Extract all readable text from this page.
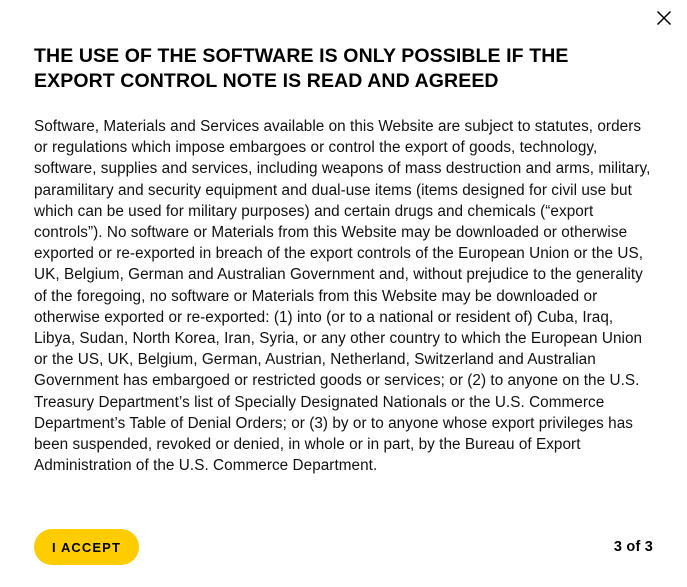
THE USE OF THE SOFTWARE IS ONLY POSSIBLE IF THE EXPORT CONTROL NOTE IS READ AND AGREED

Software, Materials and Services available on this Website are subject to statutes, orders or regulations which impose embargoes or control the export of goods, technology, software, supplies and services, including weapons of mass destruction and arms, military, paramilitary and security equipment and dual-use items (items designed for civil use but which can be used for military purposes) and certain drugs and chemicals (“export controls”). No software or Materials from this Website may be downloaded or otherwise exported or re-exported in breach of the export controls of the European Union or the US, UK, Belgium, German and Australian Government and, without prejudice to the generality of the foregoing, no software or Materials from this Website may be downloaded or otherwise exported or re-exported: (1) into (or to a national or resident of) Cuba, Iraq, Libya, Sudan, North Korea, Iran, Syria, or any other country to which the European Union or the US, UK, Belgium, German, Austrian, Netherland, Switzerland and Australian Government has embargoed or restricted goods or services; or (2) to anyone on the U.S. Treasury Department’s list of Specially Designated Nationals or the U.S. Commerce Department’s Table of Denial Orders; or (3) by or to anyone whose export privileges has been suspended, revoked or denied, in whole or in part, by the Bureau of Export Administration of the U.S. Commerce Department.

I ACCEPT	3 of 3
